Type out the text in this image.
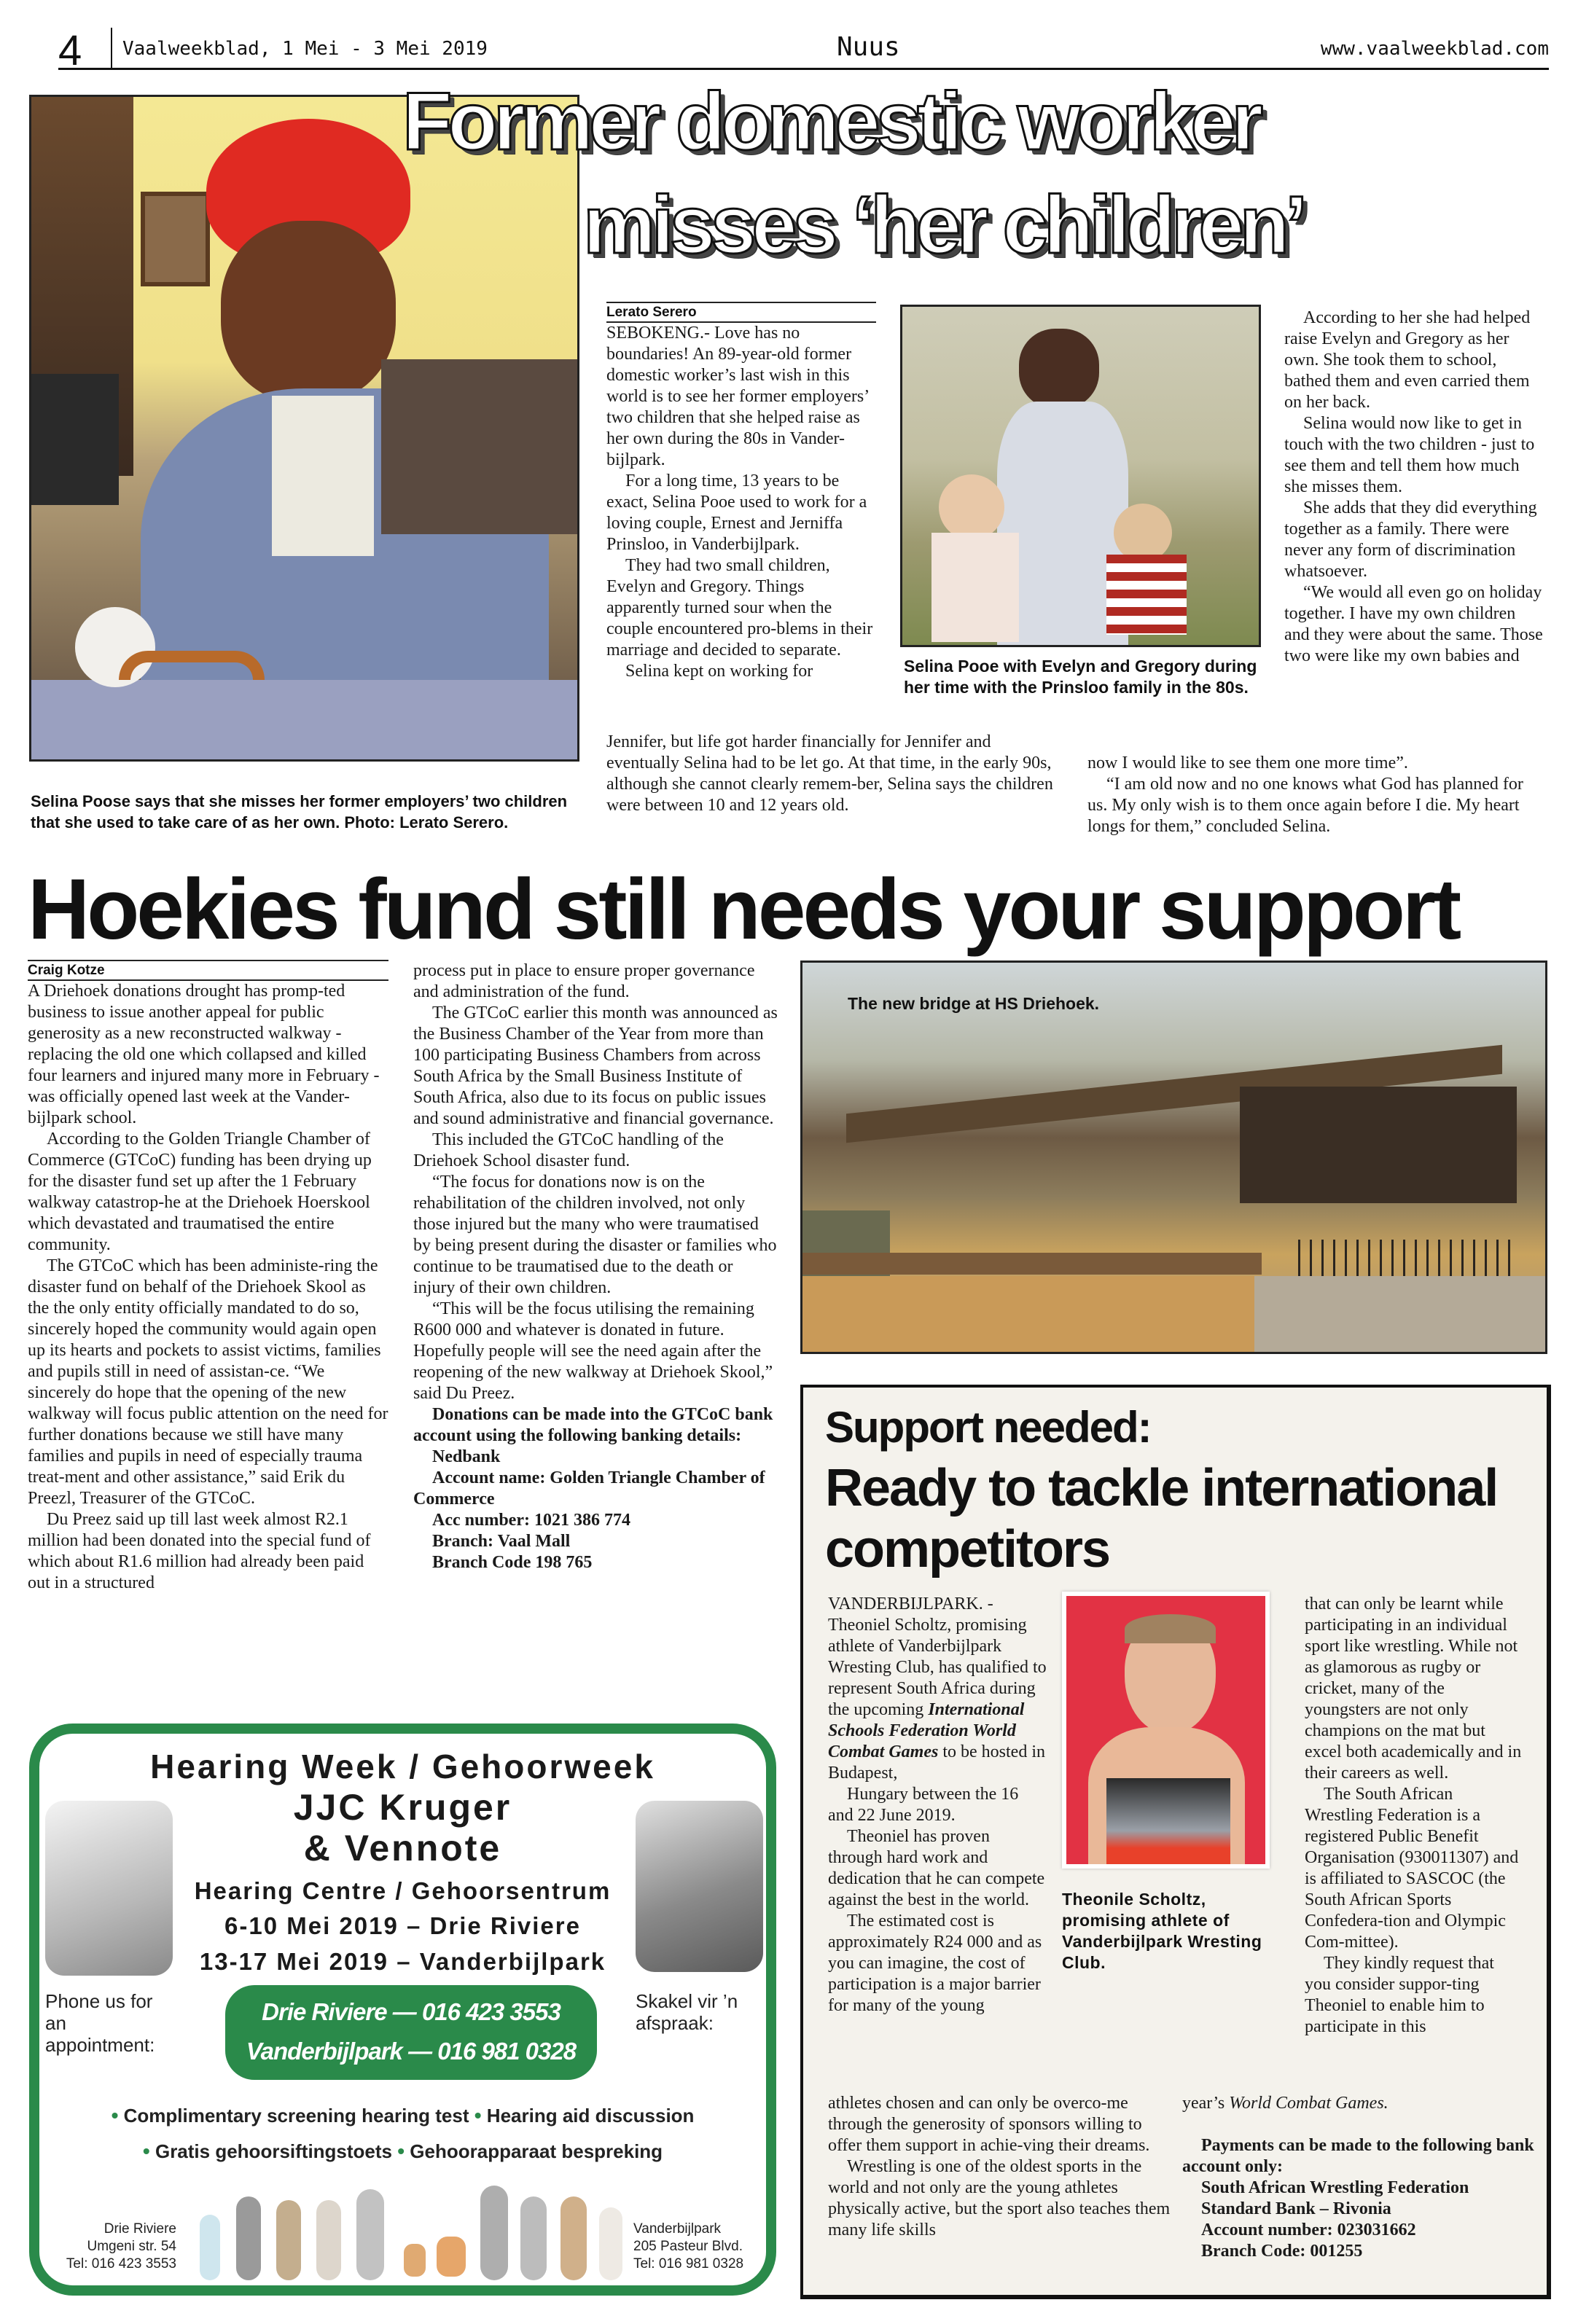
4 Vaalweekblad, 1 Mei - 3 Mei 2019	Nuus	www.vaalweekblad.com
Selina Poose says that she misses her former employers’ two children that she used to take care of as her own. Photo: Lerato Serero.
Former domestic worker
misses ‘her children’
Lerato Serero

SEBOKENG.- Love has no boundaries! An 89-year-old former domestic worker’s last wish in this world is to see her former employers’ two children that she helped raise as her own during the 80s in Vander-bijlpark.

For a long time, 13 years to be exact, Selina Pooe used to work for a loving couple, Ernest and Jerniffa Prinsloo, in Vanderbijlpark.

They had two small children, Evelyn and Gregory. Things apparently turned sour when the couple encountered pro-blems in their marriage and decided to separate.

Selina kept on working for

Jennifer, but life got harder financially for Jennifer and eventually Selina had to be let go. At that time, in the early 90s, although she cannot clearly remem-ber, Selina says the children were between 10 and 12 years old.

Selina Pooe with Evelyn and Gregory during her time with the Prinsloo family in the 80s.

According to her she had helped raise Evelyn and Gregory as her own. She took them to school, bathed them and even carried them on her back.

Selina would now like to get in touch with the two children - just to see them and tell them how much she misses them.

She adds that they did everything together as a family. There were never any form of discrimination whatsoever.

“We would all even go on holiday together. I have my own children and they were about the same. Those two were like my own babies and

now I would like to see them one more time”.

“I am old now and no one knows what God has planned for us. My only wish is to them once again before I die. My heart longs for them,” concluded Selina.

Hoekies fund still needs your support
Craig Kotze

A Driehoek donations drought has promp-ted business to issue another appeal for public generosity as a new reconstructed walkway - replacing the old one which collapsed and killed four learners and injured many more in February - was officially opened last week at the Vander-bijlpark school.

According to the Golden Triangle Chamber of Commerce (GTCoC) funding has been drying up for the disaster fund set up after the 1 February walkway catastrop-he at the Driehoek Hoerskool which devastated and traumatised the entire community.

The GTCoC which has been administe-ring the disaster fund on behalf of the Driehoek Skool as the the only entity officially mandated to do so, sincerely hoped the community would again open up its hearts and pockets to assist victims, families and pupils still in need of assistan-ce. “We sincerely do hope that the opening of the new walkway will focus public attention on the need for further donations because we still have many families and pupils in need of especially trauma treat-ment and other assistance,” said Erik du Preezl, Treasurer of the GTCoC.

Du Preez said up till last week almost R2.1 million had been donated into the special fund of which about R1.6 million had already been paid out in a structured

process put in place to ensure proper governance and administration of the fund.

The GTCoC earlier this month was announced as the Business Chamber of the Year from more than 100 participating Business Chambers from across South Africa by the Small Business Institute of South Africa, also due to its focus on public issues and sound administrative and financial governance.

This included the GTCoC handling of the Driehoek School disaster fund.

“The focus for donations now is on the rehabilitation of the children involved, not only those injured but the many who were traumatised by being present during the disaster or families who continue to be traumatised due to the death or injury of their own children.

“This will be the focus utilising the remaining R600 000 and whatever is donated in future. Hopefully people will see the need again after the reopening of the new walkway at Driehoek Skool,” said Du Preez.

Donations can be made into the GTCoC bank account using the following banking details:

Nedbank

Account name: Golden Triangle Chamber of Commerce

Acc number: 1021 386 774

Branch: Vaal Mall

Branch Code 198 765

The new bridge at HS Driehoek.
Support needed:
Ready to tackle international competitors

VANDERBIJLPARK. - Theoniel Scholtz, promising athlete of Vanderbijlpark Wresting Club, has qualified to represent South Africa during the upcoming International Schools Federation World Combat Games to be hosted in Budapest,

Hungary between the 16 and 22 June 2019.

Theoniel has proven through hard work and dedication that he can compete against the best in the world.

The estimated cost is approximately R24 000 and as you can imagine, the cost of participation is a major barrier for many of the young

Theonile Scholtz, promising athlete of Vanderbijlpark Wresting Club.

that can only be learnt while participating in an individual sport like wrestling. While not as glamorous as rugby or cricket, many of the youngsters are not only champions on the mat but excel both academically and in their careers as well.

The South African Wrestling Federation is a registered Public Benefit Organisation (930011307) and is affiliated to SASCOC (the South African Sports Confedera-tion and Olympic Com-mittee).

They kindly request that you consider suppor-ting Theoniel to enable him to participate in this

athletes chosen and can only be overco-me through the generosity of sponsors willing to offer them support in achie-ving their dreams.

Wrestling is one of the oldest sports in the world and not only are the young athletes physically active, but the sport also teaches them many life skills

year’s World Combat Games.

Payments can be made to the following bank account only:

South African Wrestling Federation

Standard Bank – Rivonia

Account number: 023031662

Branch Code: 001255

Hearing Week / Gehoorweek
JJC Kruger
& Vennote
Hearing Centre / Gehoorsentrum
6-10 Mei 2019 – Drie Riviere
13-17 Mei 2019 – Vanderbijlpark
Phone us for an appointment:
Drie Riviere — 016 423 3553
Vanderbijlpark — 016 981 0328
Skakel vir ’n afspraak:
• Complimentary screening hearing test • Hearing aid discussion
• Gratis gehoorsiftingstoets • Gehoorapparaat bespreking
Drie Riviere
Umgeni str. 54
Tel: 016 423 3553
Vanderbijlpark
205 Pasteur Blvd.
Tel: 016 981 0328
